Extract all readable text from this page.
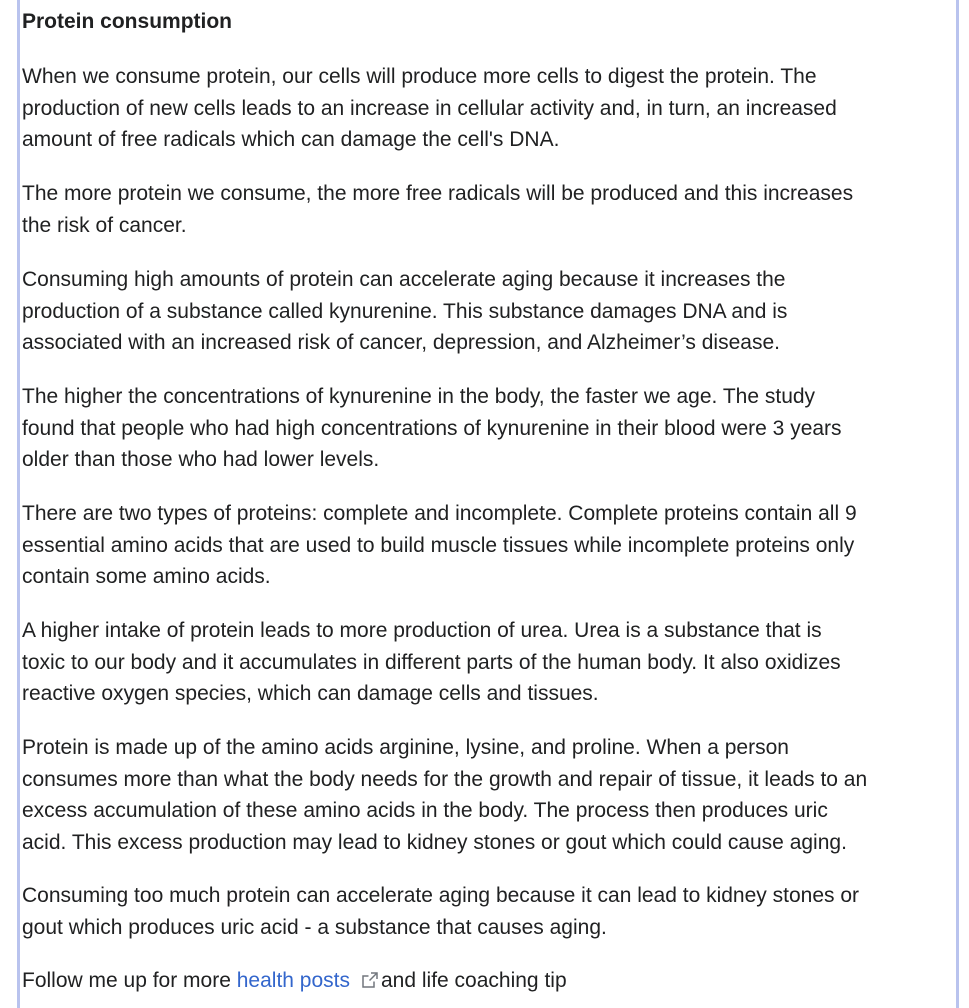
Protein consumption

When we consume protein, our cells will produce more cells to digest the protein. The
production of new cells leads to an increase in cellular activity and, in turn, an increased
amount of free radicals which can damage the cell's DNA.

The more protein we consume, the more free radicals will be produced and this increases
the risk of cancer.

Consuming high amounts of protein can accelerate aging because it increases the
production of a substance called kynurenine. This substance damages DNA and is
associated with an increased risk of cancer, depression, and Alzheimer’s disease.

The higher the concentrations of kynurenine in the body, the faster we age. The study
found that people who had high concentrations of kynurenine in their blood were 3 years
older than those who had lower levels.

There are two types of proteins: complete and incomplete. Complete proteins contain all 9
essential amino acids that are used to build muscle tissues while incomplete proteins only
contain some amino acids.

A higher intake of protein leads to more production of urea. Urea is a substance that is
toxic to our body and it accumulates in different parts of the human body. It also oxidizes
reactive oxygen species, which can damage cells and tissues.

Protein is made up of the amino acids arginine, lysine, and proline. When a person
consumes more than what the body needs for the growth and repair of tissue, it leads to an
excess accumulation of these amino acids in the body. The process then produces uric
acid. This excess production may lead to kidney stones or gout which could cause aging.

Consuming too much protein can accelerate aging because it can lead to kidney stones or
gout which produces uric acid - a substance that causes aging.

Follow me up for more health posts and life coaching tip
